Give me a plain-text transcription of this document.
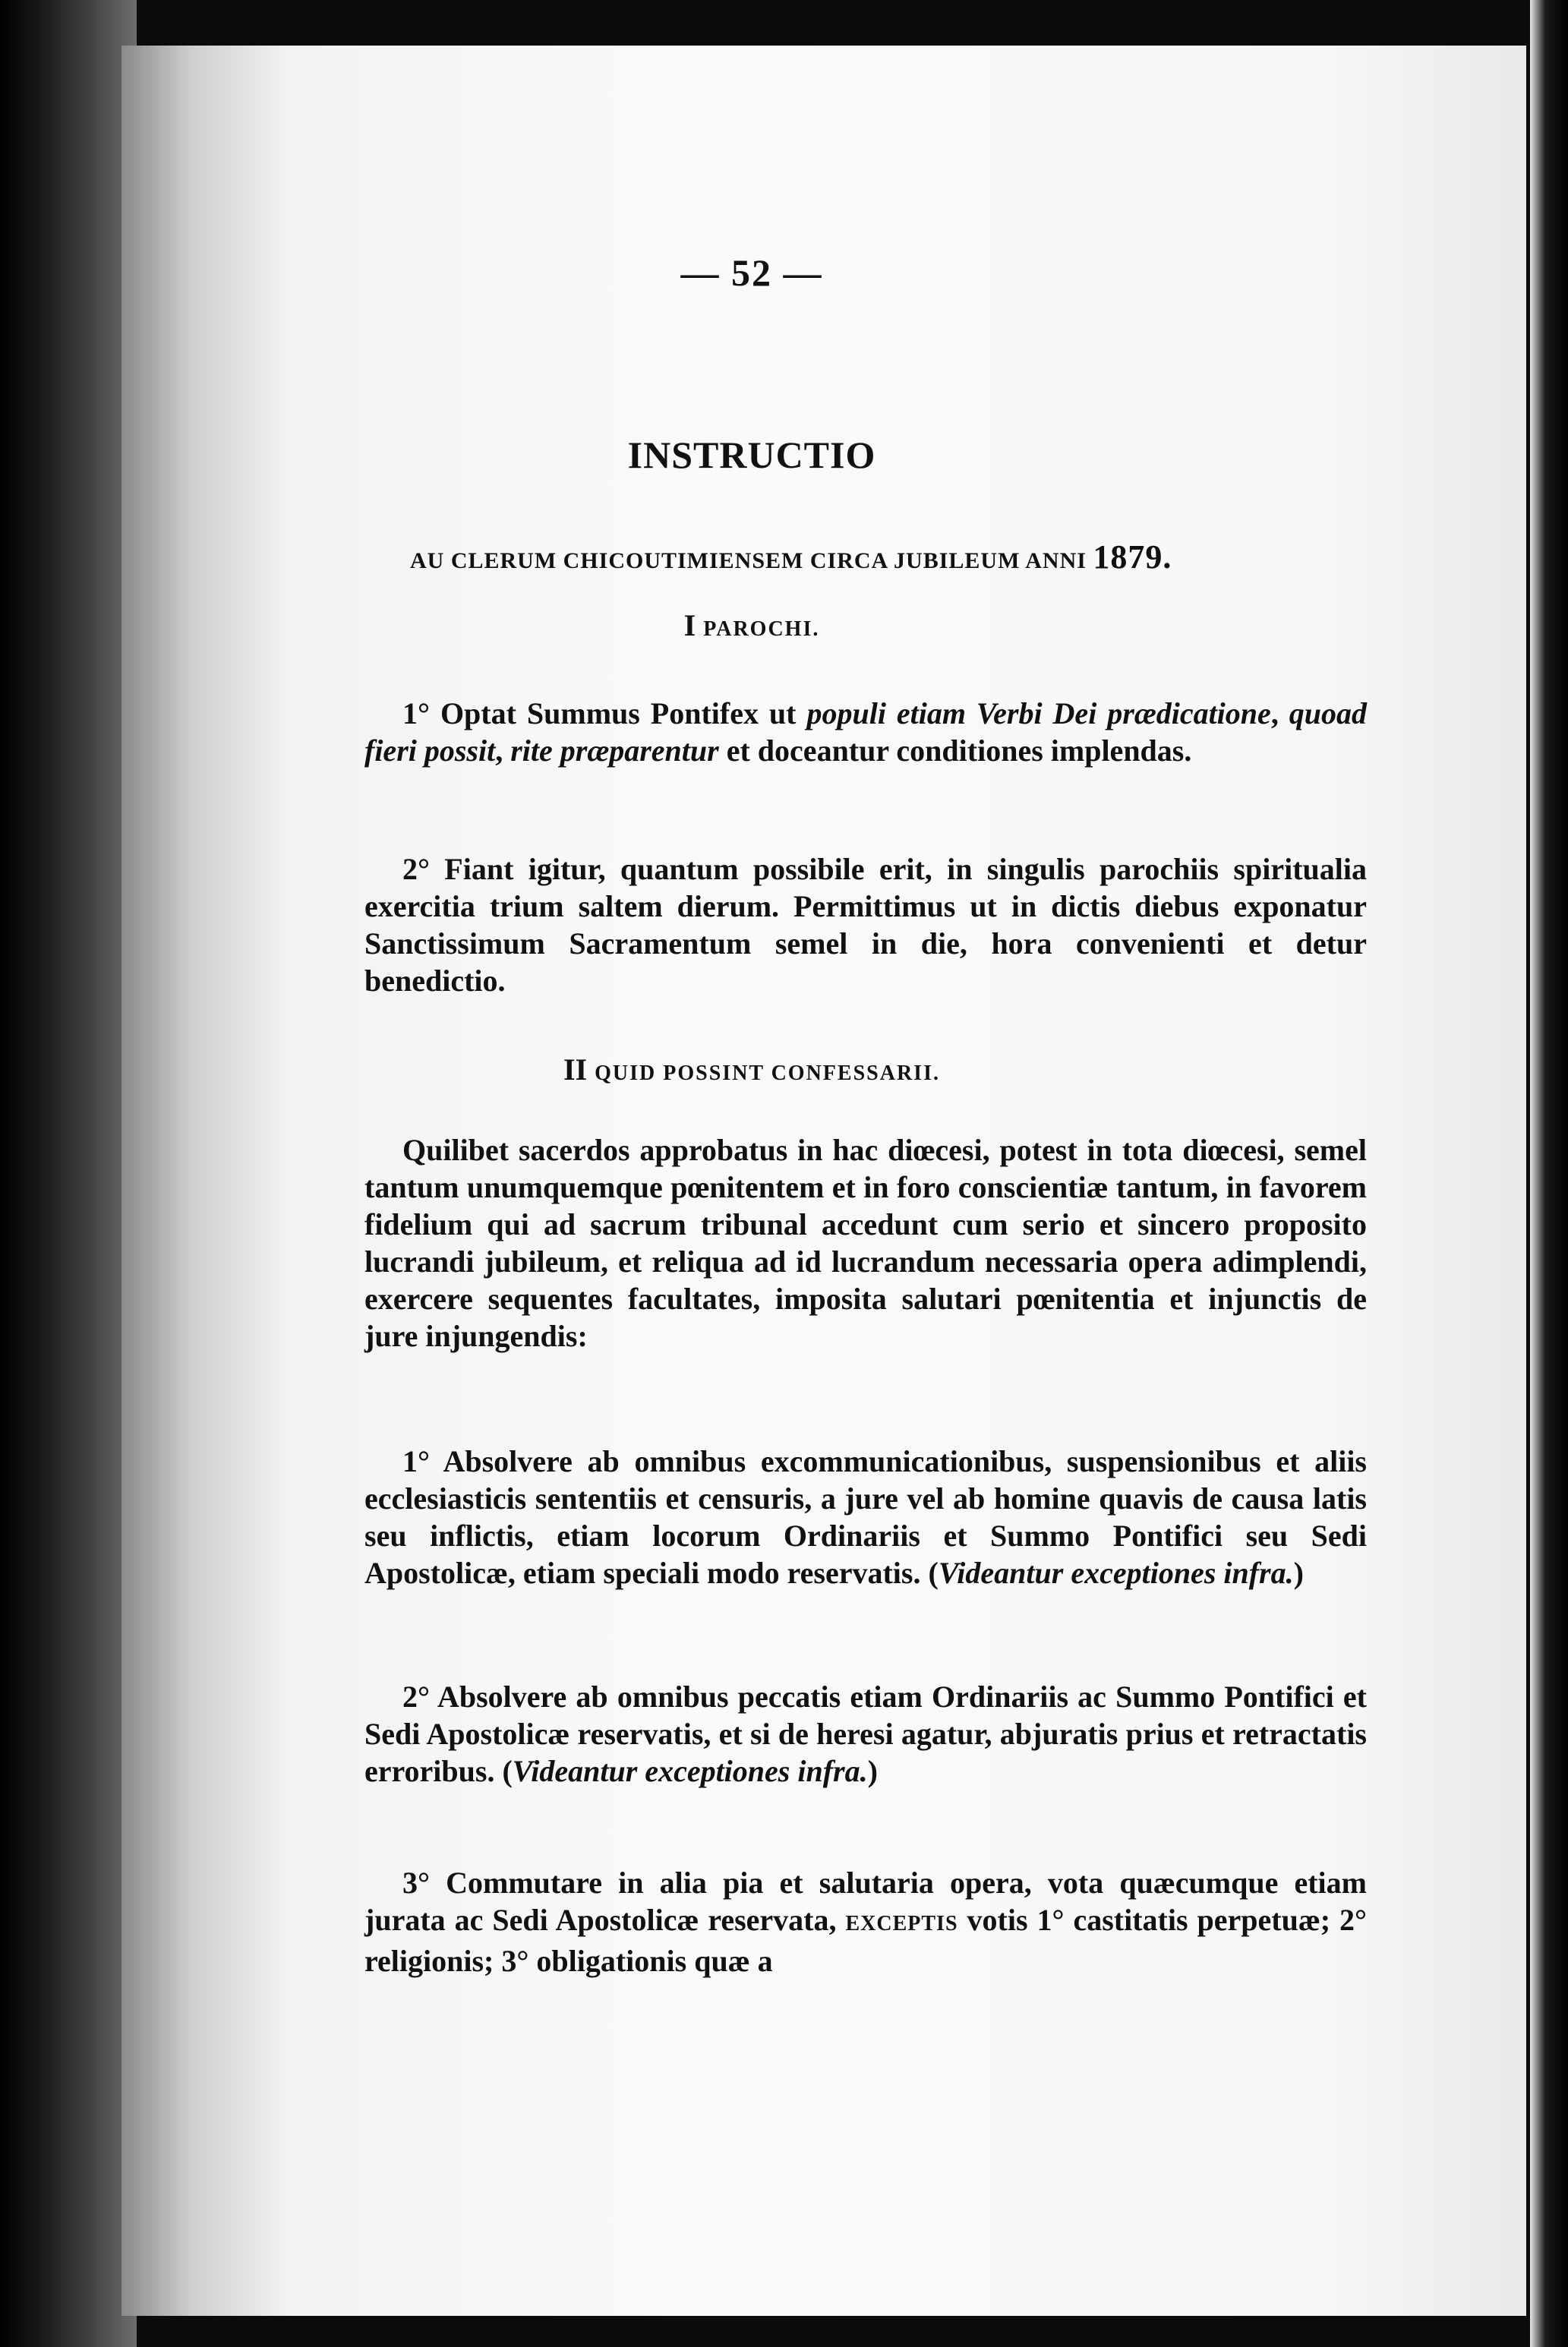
— 52 —
INSTRUCTIO
AU CLERUM CHICOUTIMIENSEM CIRCA JUBILEUM ANNI 1879.
I PAROCHI.
1° Optat Summus Pontifex ut populi etiam Verbi Dei prædicatione, quoad fieri possit, rite præparentur et doceantur conditiones implendas.
2° Fiant igitur, quantum possibile erit, in singulis parochiis spiritualia exercitia trium saltem dierum. Permittimus ut in dictis diebus exponatur Sanctissimum Sacramentum semel in die, hora convenienti et detur benedictio.
II QUID POSSINT CONFESSARII.
Quilibet sacerdos approbatus in hac diœcesi, potest in tota diœcesi, semel tantum unumquemque pœnitentem et in foro conscientiæ tantum, in favorem fidelium qui ad sacrum tribunal accedunt cum serio et sincero proposito lucrandi jubileum, et reliqua ad id lucrandum necessaria opera adimplendi, exercere sequentes facultates, imposita salutari pœnitentia et injunctis de jure injungendis:
1° Absolvere ab omnibus excommunicationibus, suspensionibus et aliis ecclesiasticis sententiis et censuris, a jure vel ab homine quavis de causa latis seu inflictis, etiam locorum Ordinariis et Summo Pontifici seu Sedi Apostolicæ, etiam speciali modo reservatis. (Videantur exceptiones infra.)
2° Absolvere ab omnibus peccatis etiam Ordinariis ac Summo Pontifici et Sedi Apostolicæ reservatis, et si de heresi agatur, abjuratis prius et retractatis erroribus. (Videantur exceptiones infra.)
3° Commutare in alia pia et salutaria opera, vota quæcumque etiam jurata ac Sedi Apostolicæ reservata, EXCEPTIS votis 1° castitatis perpetuæ; 2° religionis; 3° obligationis quæ a
